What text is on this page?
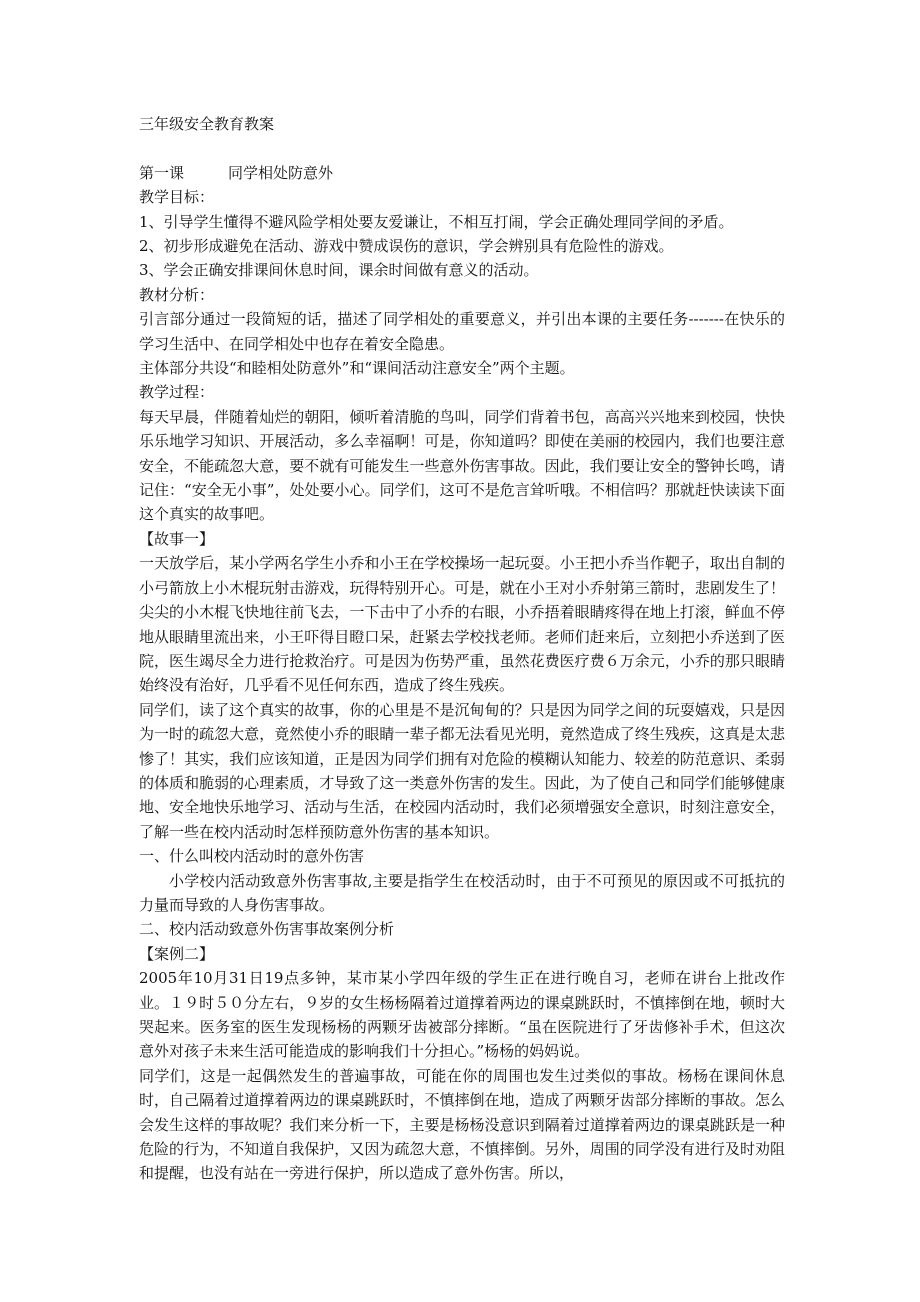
三年级安全教育教案

第一课	同学相处防意外

教学目标：

1、引导学生懂得不避风险学相处要友爱谦让，不相互打闹，学会正确处理同学间的矛盾。

2、初步形成避免在活动、游戏中赞成误伤的意识，学会辨别具有危险性的游戏。

3、学会正确安排课间休息时间，课余时间做有意义的活动。

教材分析：

引言部分通过一段简短的话，描述了同学相处的重要意义，并引出本课的主要任务-------在快乐的学习生活中、在同学相处中也存在着安全隐患。

主体部分共设“和睦相处防意外”和“课间活动注意安全”两个主题。

教学过程：

每天早晨，伴随着灿烂的朝阳，倾听着清脆的鸟叫，同学们背着书包，高高兴兴地来到校园，快快乐乐地学习知识、开展活动，多么幸福啊！可是，你知道吗？即使在美丽的校园内，我们也要注意安全，不能疏忽大意，要不就有可能发生一些意外伤害事故。因此，我们要让安全的警钟长鸣，请记住：“安全无小事”，处处要小心。同学们，这可不是危言耸听哦。不相信吗？那就赶快读读下面这个真实的故事吧。

【故事一】

一天放学后，某小学两名学生小乔和小王在学校操场一起玩耍。小王把小乔当作靶子，取出自制的小弓箭放上小木棍玩射击游戏，玩得特别开心。可是，就在小王对小乔射第三箭时，悲剧发生了！尖尖的小木棍飞快地往前飞去，一下击中了小乔的右眼，小乔捂着眼睛疼得在地上打滚，鲜血不停地从眼睛里流出来，小王吓得目瞪口呆，赶紧去学校找老师。老师们赶来后，立刻把小乔送到了医院，医生竭尽全力进行抢救治疗。可是因为伤势严重，虽然花费医疗费６万余元，小乔的那只眼睛始终没有治好，几乎看不见任何东西，造成了终生残疾。

同学们，读了这个真实的故事，你的心里是不是沉甸甸的？只是因为同学之间的玩耍嬉戏，只是因为一时的疏忽大意，竟然使小乔的眼睛一辈子都无法看见光明，竟然造成了终生残疾，这真是太悲惨了！其实，我们应该知道，正是因为同学们拥有对危险的模糊认知能力、较差的防范意识、柔弱的体质和脆弱的心理素质，才导致了这一类意外伤害的发生。因此，为了使自己和同学们能够健康地、安全地快乐地学习、活动与生活，在校园内活动时，我们必须增强安全意识，时刻注意安全，了解一些在校内活动时怎样预防意外伤害的基本知识。

一、什么叫校内活动时的意外伤害

小学校内活动致意外伤害事故,主要是指学生在校活动时，由于不可预见的原因或不可抵抗的力量而导致的人身伤害事故。

二、校内活动致意外伤害事故案例分析

【案例二】

2005年10月31日19点多钟，某市某小学四年级的学生正在进行晚自习，老师在讲台上批改作业。１９时５０分左右，９岁的女生杨杨隔着过道撑着两边的课桌跳跃时，不慎摔倒在地，顿时大哭起来。医务室的医生发现杨杨的两颗牙齿被部分摔断。“虽在医院进行了牙齿修补手术，但这次意外对孩子未来生活可能造成的影响我们十分担心。”杨杨的妈妈说。

同学们，这是一起偶然发生的普遍事故，可能在你的周围也发生过类似的事故。杨杨在课间休息时，自己隔着过道撑着两边的课桌跳跃时，不慎摔倒在地，造成了两颗牙齿部分摔断的事故。怎么会发生这样的事故呢？我们来分析一下，主要是杨杨没意识到隔着过道撑着两边的课桌跳跃是一种危险的行为，不知道自我保护，又因为疏忽大意，不慎摔倒。另外，周围的同学没有进行及时劝阻和提醒，也没有站在一旁进行保护，所以造成了意外伤害。所以，
